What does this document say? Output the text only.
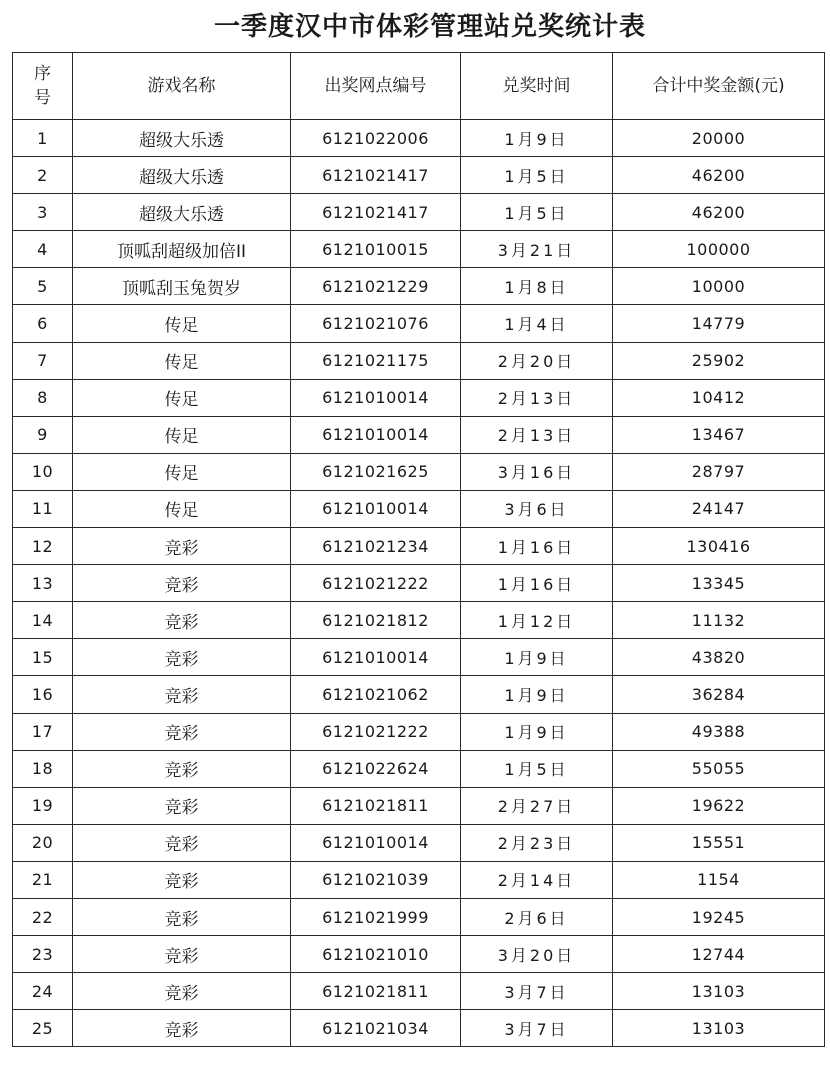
一季度汉中市体彩管理站兑奖统计表
序
号	游戏名称	出奖网点编号	兑奖时间	合计中奖金额(元)
1	超级大乐透	6121022006	1月9日	20000
2	超级大乐透	6121021417	1月5日	46200
3	超级大乐透	6121021417	1月5日	46200
4	顶呱刮超级加倍II	6121010015	3月21日	100000
5	顶呱刮玉兔贺岁	6121021229	1月8日	10000
6	传足	6121021076	1月4日	14779
7	传足	6121021175	2月20日	25902
8	传足	6121010014	2月13日	10412
9	传足	6121010014	2月13日	13467
10	传足	6121021625	3月16日	28797
11	传足	6121010014	3月6日	24147
12	竞彩	6121021234	1月16日	130416
13	竞彩	6121021222	1月16日	13345
14	竞彩	6121021812	1月12日	11132
15	竞彩	6121010014	1月9日	43820
16	竞彩	6121021062	1月9日	36284
17	竞彩	6121021222	1月9日	49388
18	竞彩	6121022624	1月5日	55055
19	竞彩	6121021811	2月27日	19622
20	竞彩	6121010014	2月23日	15551
21	竞彩	6121021039	2月14日	1154
22	竞彩	6121021999	2月6日	19245
23	竞彩	6121021010	3月20日	12744
24	竞彩	6121021811	3月7日	13103
25	竞彩	6121021034	3月7日	13103
